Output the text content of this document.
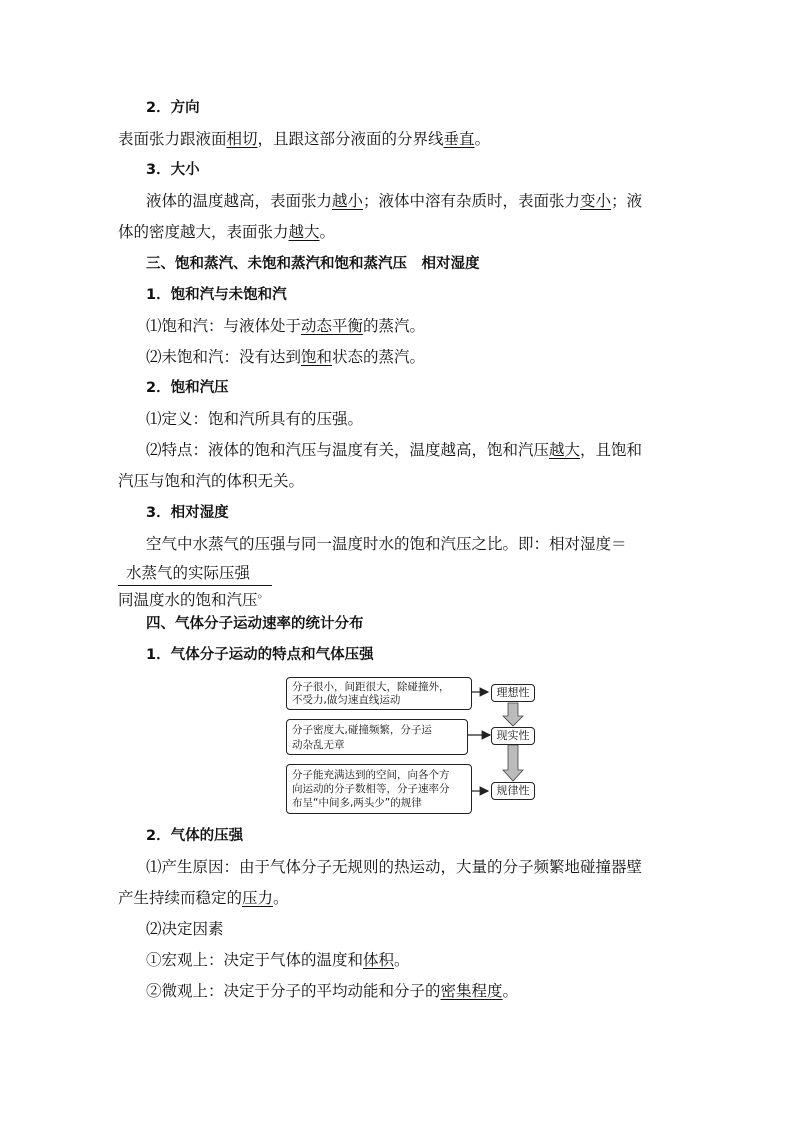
2．方向
表面张力跟液面相切，且跟这部分液面的分界线垂直。
3．大小
液体的温度越高，表面张力越小；液体中溶有杂质时，表面张力变小；液
体的密度越大，表面张力越大。
三、饱和蒸汽、未饱和蒸汽和饱和蒸汽压　相对湿度
1．饱和汽与未饱和汽
⑴饱和汽：与液体处于动态平衡的蒸汽。
⑵未饱和汽：没有达到饱和状态的蒸汽。
2．饱和汽压
⑴定义：饱和汽所具有的压强。
⑵特点：液体的饱和汽压与温度有关，温度越高，饱和汽压越大，且饱和
汽压与饱和汽的体积无关。
3．相对湿度
空气中水蒸气的压强与同一温度时水的饱和汽压之比。即：相对湿度＝
水蒸气的实际压强
同温度水的饱和汽压。
四、气体分子运动速率的统计分布
1．气体分子运动的特点和气体压强
分子很小，间距很大，除碰撞外，
不受力,做匀速直线运动
分子密度大,碰撞频繁，分子运
动杂乱无章
分子能充满达到的空间，向各个方
向运动的分子数相等，分子速率分
布呈“中间多,两头少”的规律
理想性
现实性
规律性
2．气体的压强
⑴产生原因：由于气体分子无规则的热运动，大量的分子频繁地碰撞器壁
产生持续而稳定的压力。
⑵决定因素
①宏观上：决定于气体的温度和体积。
②微观上：决定于分子的平均动能和分子的密集程度。
